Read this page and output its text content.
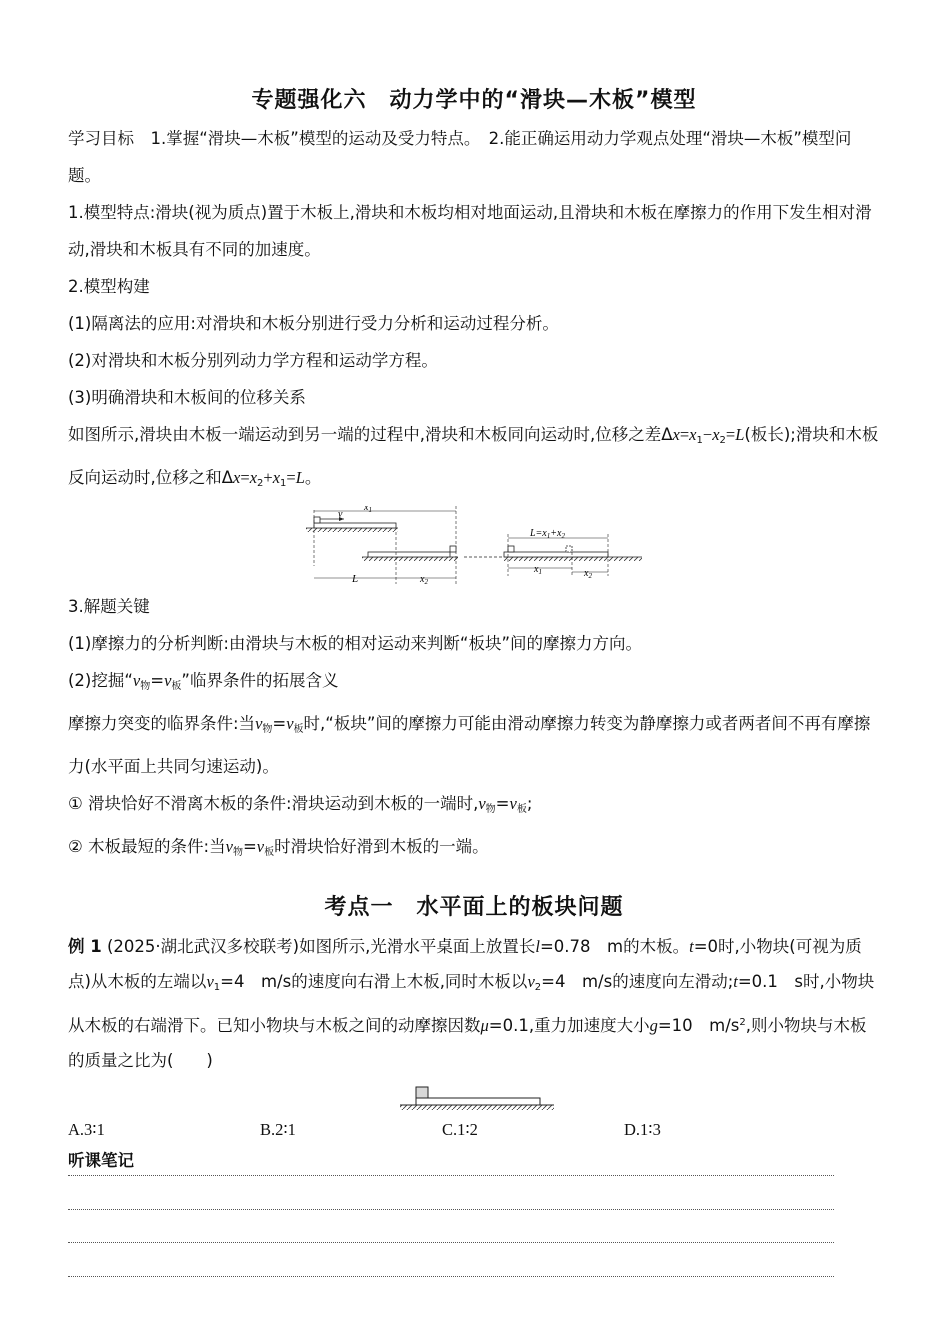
专题强化六　动力学中的“滑块—木板”模型

学习目标　1.掌握“滑块—木板”模型的运动及受力特点。　2.能正确运用动力学观点处理“滑块—木板”模型问题。

1.模型特点:滑块(视为质点)置于木板上,滑块和木板均相对地面运动,且滑块和木板在摩擦力的作用下发生相对滑动,滑块和木板具有不同的加速度。

2.模型构建

(1)隔离法的应用:对滑块和木板分别进行受力分析和运动过程分析。

(2)对滑块和木板分别列动力学方程和运动学方程。

(3)明确滑块和木板间的位移关系

如图所示,滑块由木板一端运动到另一端的过程中,滑块和木板同向运动时,位移之差$\Delta x=x_1-x_2=L$(板长);滑块和木板反向运动时,位移之和$\Delta x=x_2+x_1=L$。

v
$x_1$
L	$x_2$
$L=x_1+x_2$
$x_1$	$x_2$

3.解题关键

(1)摩擦力的分析判断:由滑块与木板的相对运动来判断“板块”间的摩擦力方向。

(2)挖掘“$v_物=v_板$”临界条件的拓展含义

摩擦力突变的临界条件:当$v_物=v_板$时,“板块”间的摩擦力可能由滑动摩擦力转变为静摩擦力或者两者间不再有摩擦力(水平面上共同匀速运动)。

① 滑块恰好不滑离木板的条件:滑块运动到木板的一端时$,v_物=v_板$;

② 木板最短的条件:当$v_物=v_板$时滑块恰好滑到木板的一端。

考点一　水平面上的板块问题

例 1 (2025·湖北武汉多校联考)如图所示,光滑水平桌面上放置长l=0.78　m的木板。t=0时,小物块(可视为质点)从木板的左端以$v_1=4$　m/s的速度向右滑上木板,同时木板以$v_2=4$　m/s的速度向左滑动;t=0.1　s时,小物块从木板的右端滑下。已知小物块与木板之间的动摩擦因数μ=0.1,重力加速度大小g=10　$m/s^2$,则小物块与木板的质量之比为(　　)

A.3∶1	B.2∶1	C.1∶2	D.1∶3
听课笔记
